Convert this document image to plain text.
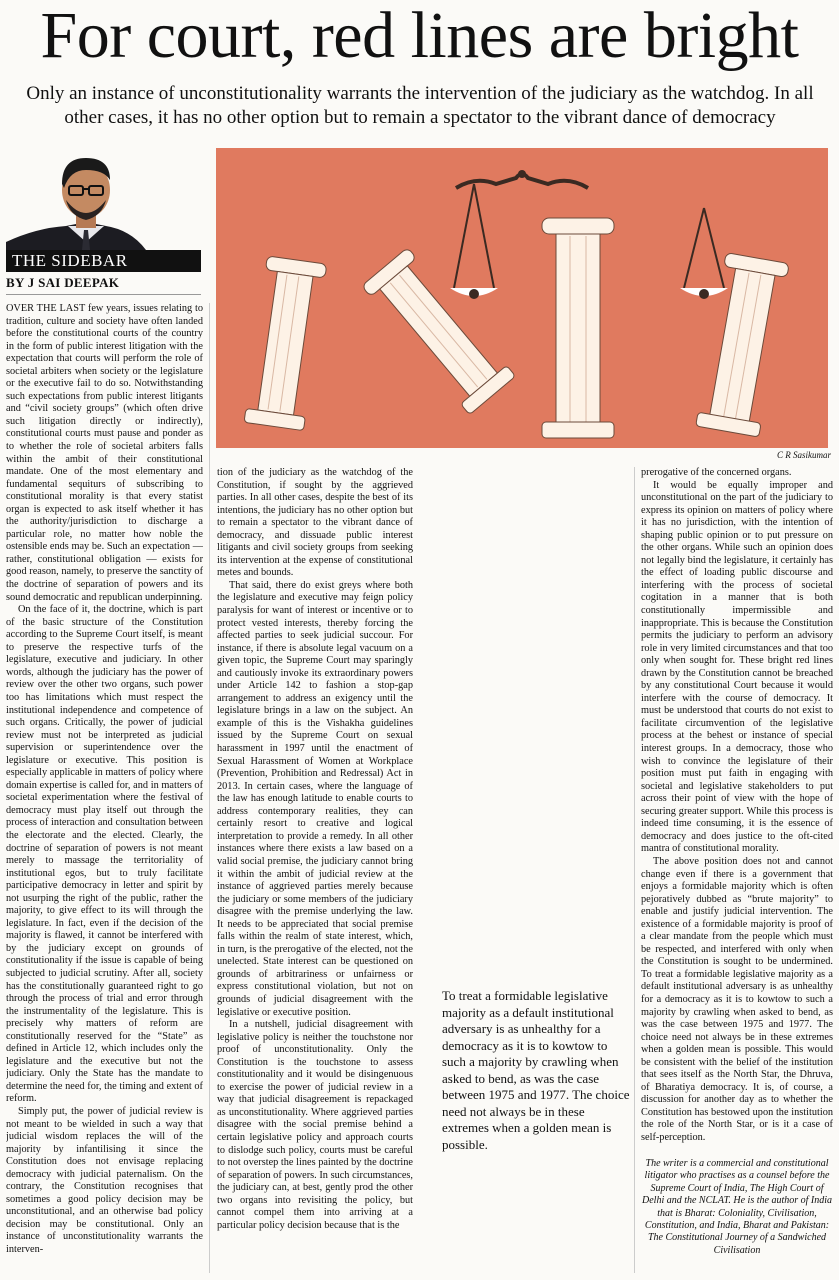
For court, red lines are bright
Only an instance of unconstitutionality warrants the intervention of the judiciary as the watchdog. In all other cases, it has no other option but to remain a spectator to the vibrant dance of democracy
THE SIDEBAR
BY J SAI DEEPAK
C R Sasikumar

OVER THE LAST few years, issues relating to tradition, culture and society have often landed before the constitutional courts of the country in the form of public interest litigation with the expectation that courts will perform the role of societal arbiters when society or the legislature or the executive fail to do so. Notwithstanding such expectations from public interest litigants and “civil society groups” (which often drive such litigation directly or indirectly), constitutional courts must pause and ponder as to whether the role of societal arbiters falls within the ambit of their constitutional mandate. One of the most elementary and fundamental sequiturs of subscribing to constitutional morality is that every statist organ is expected to ask itself whether it has the authority/jurisdiction to discharge a particular role, no matter how noble the ostensible ends may be. Such an expectation — rather, constitutional obligation — exists for good reason, namely, to preserve the sanctity of the doctrine of separation of powers and its sound democratic and republican underpinning.

On the face of it, the doctrine, which is part of the basic structure of the Constitution according to the Supreme Court itself, is meant to preserve the respective turfs of the legislature, executive and judiciary. In other words, although the judiciary has the power of review over the other two organs, such power too has limitations which must respect the institutional independence and competence of such organs. Critically, the power of judicial review must not be interpreted as judicial supervision or superintendence over the legislature or executive. This position is especially applicable in matters of policy where domain expertise is called for, and in matters of societal experimentation where the festival of democracy must play itself out through the process of interaction and consultation between the electorate and the elected. Clearly, the doctrine of separation of powers is not meant merely to massage the territoriality of institutional egos, but to truly facilitate participative democracy in letter and spirit by not usurping the right of the public, rather the majority, to give effect to its will through the legislature. In fact, even if the decision of the majority is flawed, it cannot be interfered with by the judiciary except on grounds of constitutionality if the issue is capable of being subjected to judicial scrutiny. After all, society has the constitutionally guaranteed right to go through the process of trial and error through the instrumentality of the legislature. This is precisely why matters of reform are constitutionally reserved for the “State” as defined in Article 12, which includes only the legislature and the executive but not the judiciary. Only the State has the mandate to determine the need for, the timing and extent of reform.

Simply put, the power of judicial review is not meant to be wielded in such a way that judicial wisdom replaces the will of the majority by infantilising it since the Constitution does not envisage replacing democracy with judicial paternalism. On the contrary, the Constitution recognises that sometimes a good policy decision may be unconstitutional, and an otherwise bad policy decision may be constitutional. Only an instance of unconstitutionality warrants the interven-

tion of the judiciary as the watchdog of the Constitution, if sought by the aggrieved parties. In all other cases, despite the best of its intentions, the judiciary has no other option but to remain a spectator to the vibrant dance of democracy, and dissuade public interest litigants and civil society groups from seeking its intervention at the expense of constitutional metes and bounds.

That said, there do exist greys where both the legislature and executive may feign policy paralysis for want of interest or incentive or to protect vested interests, thereby forcing the affected parties to seek judicial succour. For instance, if there is absolute legal vacuum on a given topic, the Supreme Court may sparingly and cautiously invoke its extraordinary powers under Article 142 to fashion a stop-gap arrangement to address an exigency until the legislature brings in a law on the subject. An example of this is the Vishakha guidelines issued by the Supreme Court on sexual harassment in 1997 until the enactment of Sexual Harassment of Women at Workplace (Prevention, Prohibition and Redressal) Act in 2013. In certain cases, where the language of the law has enough latitude to enable courts to address contemporary realities, they can certainly resort to creative and logical interpretation to provide a remedy. In all other instances where there exists a law based on a valid social premise, the judiciary cannot bring it within the ambit of judicial review at the instance of aggrieved parties merely because the judiciary or some members of the judiciary disagree with the premise underlying the law. It needs to be appreciated that social premise falls within the realm of state interest, which, in turn, is the prerogative of the elected, not the unelected. State interest can be questioned on grounds of arbitrariness or unfairness or express constitutional violation, but not on grounds of judicial disagreement with the legislative or executive position.

In a nutshell, judicial disagreement with legislative policy is neither the touchstone nor proof of unconstitutionality. Only the Constitution is the touchstone to assess constitutionality and it would be disingenuous to exercise the power of judicial review in a way that judicial disagreement is repackaged as unconstitutionality. Where aggrieved parties disagree with the social premise behind a certain legislative policy and approach courts to dislodge such policy, courts must be careful to not overstep the lines painted by the doctrine of separation of powers. In such circumstances, the judiciary can, at best, gently prod the other two organs into revisiting the policy, but cannot compel them into arriving at a particular policy decision because that is the

To treat a formidable legislative majority as a default institutional adversary is as unhealthy for a democracy as it is to kowtow to such a majority by crawling when asked to bend, as was the case between 1975 and 1977. The choice need not always be in these extremes when a golden mean is possible.

prerogative of the concerned organs.

It would be equally improper and unconstitutional on the part of the judiciary to express its opinion on matters of policy where it has no jurisdiction, with the intention of shaping public opinion or to put pressure on the other organs. While such an opinion does not legally bind the legislature, it certainly has the effect of loading public discourse and interfering with the process of societal cogitation in a manner that is both constitutionally impermissible and inappropriate. This is because the Constitution permits the judiciary to perform an advisory role in very limited circumstances and that too only when sought for. These bright red lines drawn by the Constitution cannot be breached by any constitutional Court because it would interfere with the course of democracy. It must be understood that courts do not exist to facilitate circumvention of the legislative process at the behest or instance of special interest groups. In a democracy, those who wish to convince the legislature of their position must put faith in engaging with societal and legislative stakeholders to put across their point of view with the hope of securing greater support. While this process is indeed time consuming, it is the essence of democracy and does justice to the oft-cited mantra of constitutional morality.

The above position does not and cannot change even if there is a government that enjoys a formidable majority which is often pejoratively dubbed as “brute majority” to enable and justify judicial intervention. The existence of a formidable majority is proof of a clear mandate from the people which must be respected, and interfered with only when the Constitution is sought to be undermined. To treat a formidable legislative majority as a default institutional adversary is as unhealthy for a democracy as it is to kowtow to such a majority by crawling when asked to bend, as was the case between 1975 and 1977. The choice need not always be in these extremes when a golden mean is possible. This would be consistent with the belief of the institution that sees itself as the North Star, the Dhruva, of Bharatiya democracy. It is, of course, a discussion for another day as to whether the Constitution has bestowed upon the institution the role of the North Star, or is it a case of self-perception.

The writer is a commercial and constitutional litigator who practises as a counsel before the Supreme Court of India, The High Court of Delhi and the NCLAT. He is the author of India that is Bharat: Coloniality, Civilisation, Constitution, and India, Bharat and Pakistan: The Constitutional Journey of a Sandwiched Civilisation
